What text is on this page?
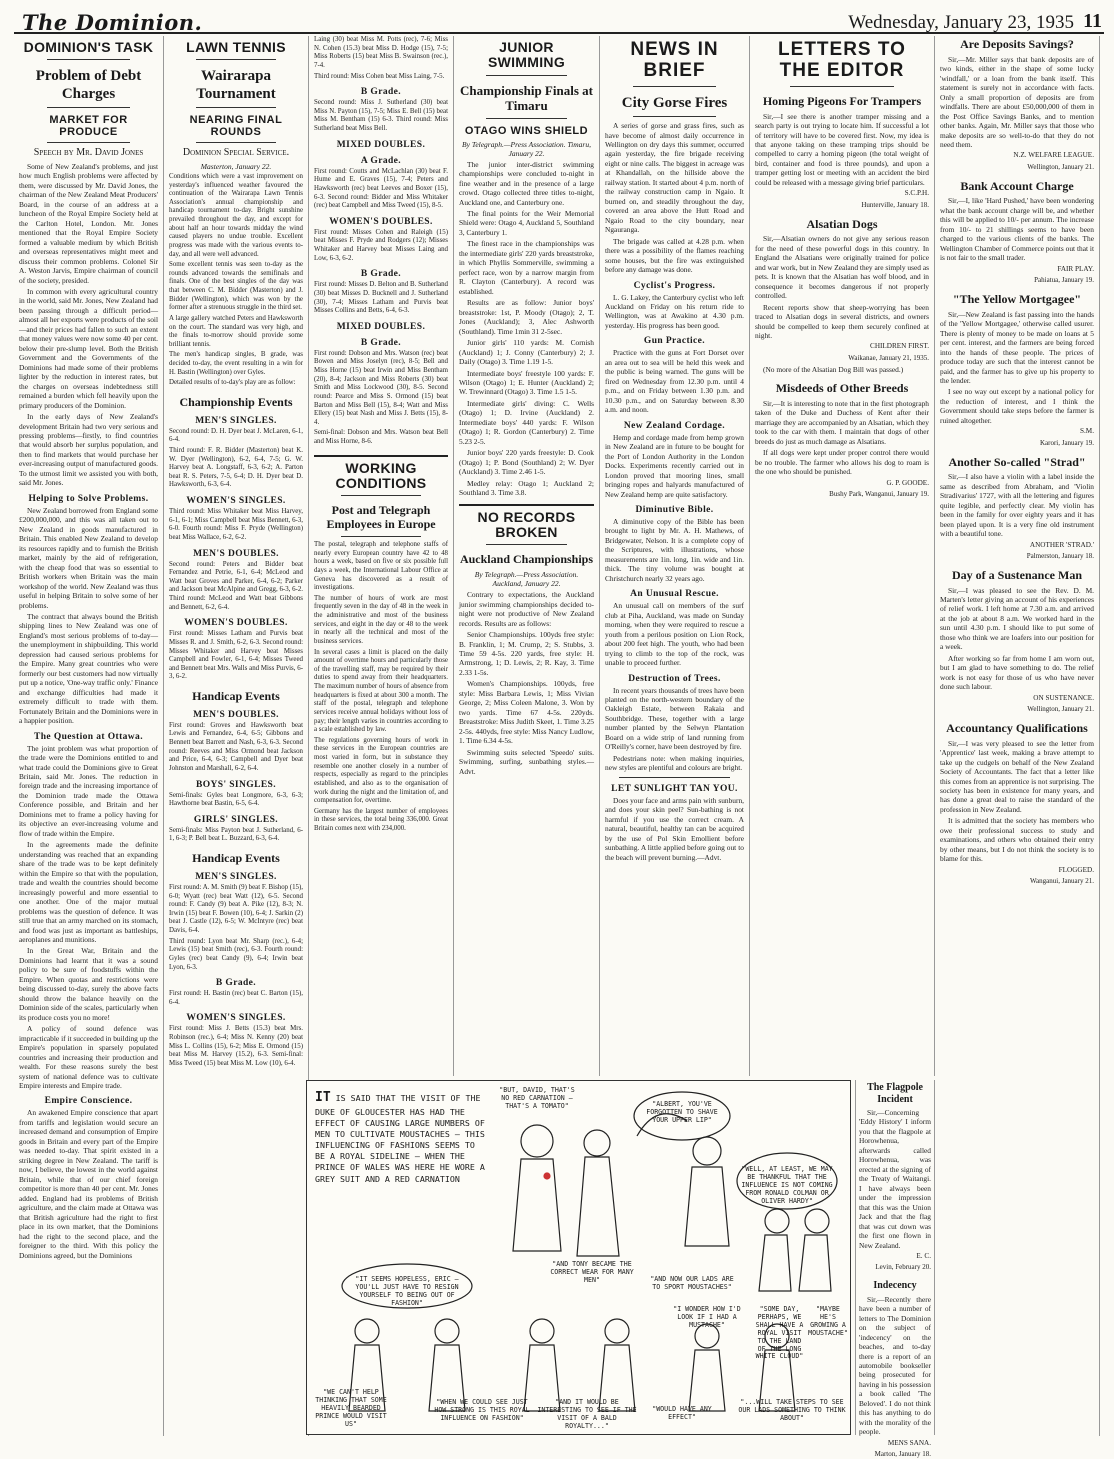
The Dominion.	Wednesday, January 23, 1935 11
DOMINION'S TASK
Problem of Debt Charges
MARKET FOR PRODUCE
Speech by Mr. David Jones

Some of New Zealand's problems, and just how much English problems were affected by them, were discussed by Mr. David Jones, the chairman of the New Zealand Meat Producers' Board, in the course of an address at a luncheon of the Royal Empire Society held at the Carlton Hotel, London. Mr. Jones mentioned that the Royal Empire Society formed a valuable medium by which British and overseas representatives might meet and discuss their common problems. Colonel Sir A. Weston Jarvis, Empire chairman of council of the society, presided.

In common with every agricultural country in the world, said Mr. Jones, New Zealand had been passing through a difficult period—almost all her exports were products of the soil—and their prices had fallen to such an extent that money values were now some 40 per cent. below their pre-slump level. Both the British Government and the Governments of the Dominions had made some of their problems lighter by the reduction in interest rates, but the charges on overseas indebtedness still remained a burden which fell heavily upon the primary producers of the Dominion.

In the early days of New Zealand's development Britain had two very serious and pressing problems—firstly, to find countries that would absorb her surplus population, and then to find markets that would purchase her ever-increasing output of manufactured goods. To the utmost limit we assisted you with both, said Mr. Jones.

Helping to Solve Problems.

New Zealand borrowed from England some £200,000,000, and this was all taken out to New Zealand in goods manufactured in Britain. This enabled New Zealand to develop its resources rapidly and to furnish the British market, mainly by the aid of refrigeration, with the cheap food that was so essential to British workers when Britain was the main workshop of the world. New Zealand was thus useful in helping Britain to solve some of her problems.

The contract that always bound the British shipping lines to New Zealand was one of England's most serious problems of to-day—the unemployment in shipbuilding. This world depression had caused serious problems for the Empire. Many great countries who were formerly our best customers had now virtually put up a notice, 'One-way traffic only.' Finance and exchange difficulties had made it extremely difficult to trade with them. Fortunately Britain and the Dominions were in a happier position.

The Question at Ottawa.

The joint problem was what proportion of the trade were the Dominions entitled to and what trade could the Dominions give to Great Britain, said Mr. Jones. The reduction in foreign trade and the increasing importance of the Dominion trade made the Ottawa Conference possible, and Britain and her Dominions met to frame a policy having for its objective an ever-increasing volume and flow of trade within the Empire.

In the agreements made the definite understanding was reached that an expanding share of the trade was to be kept definitely within the Empire so that with the population, trade and wealth the countries should become increasingly powerful and more essential to one another. One of the major mutual problems was the question of defence. It was still true that an army marched on its stomach, and food was just as important as battleships, aeroplanes and munitions.

In the Great War, Britain and the Dominions had learnt that it was a sound policy to be sure of foodstuffs within the Empire. When quotas and restrictions were being discussed to-day, surely the above facts should throw the balance heavily on the Dominion side of the scales, particularly when its produce costs you no more!

A policy of sound defence was impracticable if it succeeded in building up the Empire's population in sparsely populated countries and increasing their production and wealth. For these reasons surely the best system of national defence was to cultivate Empire interests and Empire trade.

Empire Conscience.

An awakened Empire conscience that apart from tariffs and legislation would secure an increased demand and consumption of Empire goods in Britain and every part of the Empire was needed to-day. That spirit existed in a striking degree in New Zealand. The tariff is now, I believe, the lowest in the world against Britain, while that of our chief foreign competitor is more than 40 per cent. Mr. Jones added. England had its problems of British agriculture, and the claim made at Ottawa was that British agriculture had the right to first place in its own market, that the Dominions had the right to the second place, and the foreigner to the third. With this policy the Dominions agreed, but the Dominions

LAWN TENNIS
Wairarapa Tournament
NEARING FINAL ROUNDS
Dominion Special Service.
Masterton, January 22.

Conditions which were a vast improvement on yesterday's influenced weather favoured the continuation of the Wairarapa Lawn Tennis Association's annual championship and handicap tournament to-day. Bright sunshine prevailed throughout the day, and except for about half an hour towards midday the wind caused players no undue trouble. Excellent progress was made with the various events to-day, and all were well advanced.

Some excellent tennis was seen to-day as the rounds advanced towards the semifinals and finals. One of the best singles of the day was that between C. M. Bidder (Masterton) and J. Bidder (Wellington), which was won by the former after a strenuous struggle in the third set.

A large gallery watched Peters and Hawksworth on the court. The standard was very high, and the finals to-morrow should provide some brilliant tennis.

The men's handicap singles, B grade, was decided to-day, the event resulting in a win for H. Bastin (Wellington) over Gyles.

Detailed results of to-day's play are as follow:

Championship Events
MEN'S SINGLES.

Second round: D. H. Dyer beat J. McLaren, 6-1, 6-4.

Third round: F. R. Bidder (Masterton) beat K. W. Dyer (Wellington), 6-2, 6-4, 7-5; G. W. Harvey beat A. Longstaff, 6-3, 6-2; A. Parton beat R. S. Peters, 7-5, 6-4; D. H. Dyer beat D. Hawksworth, 6-3, 6-4.

WOMEN'S SINGLES.

Third round: Miss Whitaker beat Miss Harvey, 6-1, 6-1; Miss Campbell beat Miss Bennett, 6-3, 6-0. Fourth round: Miss F. Pryde (Wellington) beat Miss Wallace, 6-2, 6-2.

MEN'S DOUBLES.

Second round: Peters and Bidder beat Fernandez and Petrie, 6-1, 6-4; McLeod and Watt beat Groves and Parker, 6-4, 6-2; Parker and Jackson beat McAlpine and Gregg, 6-3, 6-2. Third round: McLeod and Watt beat Gibbons and Bennett, 6-2, 6-4.

WOMEN'S DOUBLES.

First round: Misses Latham and Purvis beat Misses R. and J. Smith, 6-2, 6-3. Second round: Misses Whitaker and Harvey beat Misses Campbell and Fowler, 6-1, 6-4; Misses Tweed and Bennett beat Mrs. Walls and Miss Purvis, 6-3, 6-2.

Handicap Events
MEN'S DOUBLES.

First round: Groves and Hawksworth beat Lewis and Fernandez, 6-4, 6-5; Gibbons and Bennett beat Barrett and Nash, 6-3, 6-3. Second round: Reeves and Miss Ormond beat Jackson and Price, 6-4, 6-3; Campbell and Dyer beat Johnston and Marshall, 6-2, 6-4.

BOYS' SINGLES.

Semi-finals: Gyles beat Longmore, 6-3, 6-3; Hawthorne beat Bastin, 6-5, 6-4.

GIRLS' SINGLES.

Semi-finals: Miss Payton beat J. Sutherland, 6-1, 6-3; P. Bell beat L. Buzzard, 6-3, 6-4.

Handicap Events
MEN'S SINGLES.

First round: A. M. Smith (9) beat F. Bishop (15), 6-0; Wyatt (rec) beat Watt (12), 6-5. Second round: F. Candy (9) beat A. Pike (12), 8-3; N. Irwin (15) beat F. Bowen (10), 6-4; J. Sarkin (2) beat J. Castle (12), 6-5; W. McIntyre (rec) beat Davis, 6-4.

Third round: Lyon beat Mr. Sharp (rec.), 6-4; Lewis (15) beat Smith (rec), 6-3. Fourth round: Gyles (rec) beat Candy (9), 6-4; Irwin beat Lyon, 6-3.

B Grade.

First round: H. Bastin (rec) beat C. Barton (15), 6-4.

WOMEN'S SINGLES.

First round: Miss J. Betts (15.3) beat Mrs. Robinson (rec.), 6-4; Miss N. Kenny (20) beat Miss L. Collins (15), 6-2; Miss E. Ormond (15) beat Miss M. Harvey (15.2), 6-3. Semi-final: Miss Tweed (15) beat Miss M. Low (10), 6-4.

Laing (30) beat Miss M. Potts (rec), 7-6; Miss N. Cohen (15.3) beat Miss D. Hodge (15), 7-5; Miss Roberts (15) beat Miss B. Swainson (rec.), 7-4.

Third round: Miss Cohen beat Miss Laing, 7-5.

B Grade.

Second round: Miss J. Sutherland (30) beat Miss N. Payton (15), 7-5; Miss E. Bell (15) beat Miss M. Bentham (15) 6-3. Third round: Miss Sutherland beat Miss Bell.

MIXED DOUBLES.
A Grade.

First round: Coutts and McLachlan (30) beat F. Hume and E. Graves (15), 7-4; Peters and Hawksworth (rec) beat Leeves and Boxer (15), 6-3. Second round: Bidder and Miss Whitaker (rec) beat Campbell and Miss Tweed (15), 8-5.

WOMEN'S DOUBLES.

First round: Misses Cohen and Raleigh (15) beat Misses F. Pryde and Rodgers (12); Misses Whitaker and Harvey beat Misses Laing and Low, 6-3, 6-2.

B Grade.

First round: Misses D. Belton and B. Sutherland (30) beat Misses D. Bucknell and J. Sutherland (30), 7-4; Misses Latham and Purvis beat Misses Collins and Betts, 6-4, 6-3.

MIXED DOUBLES.
B Grade.

First round: Dobson and Mrs. Watson (rec) beat Bowen and Miss Joselyn (rec), 8-5; Bell and Miss Horne (15) beat Irwin and Miss Bentham (20), 8-4; Jackson and Miss Roberts (30) beat Smith and Miss Lockwood (30), 8-5. Second round: Pearce and Miss S. Ormond (15) beat Barton and Miss Bell (15), 8-4; Watt and Miss Ellery (15) beat Nash and Miss J. Betts (15), 8-4.

Semi-final: Dobson and Mrs. Watson beat Bell and Miss Horne, 8-6.

WORKING CONDITIONS
Post and Telegraph Employees in Europe

The postal, telegraph and telephone staffs of nearly every European country have 42 to 48 hours a week, based on five or six possible full days a week, the International Labour Office at Geneva has discovered as a result of investigations.

The number of hours of work are most frequently seven in the day of 48 in the week in the administrative and most of the business services, and eight in the day or 48 to the week in nearly all the technical and most of the business services.

In several cases a limit is placed on the daily amount of overtime hours and particularly those of the travelling staff, may be required by their duties to spend away from their headquarters. The maximum number of hours of absence from headquarters is fixed at about 300 a month. The staff of the postal, telegraph and telephone services receive annual holidays without loss of pay; their length varies in countries according to a scale established by law.

The regulations governing hours of work in these services in the European countries are most varied in form, but in substance they resemble one another closely in a number of respects, especially as regard to the principles established, and also as to the organisation of work during the night and the limitation of, and compensation for, overtime.

Germany has the largest number of employees in these services, the total being 336,000. Great Britain comes next with 234,000.

JUNIOR SWIMMING
Championship Finals at Timaru
OTAGO WINS SHIELD
By Telegraph.—Press Association. Timaru, January 22.

The junior inter-district swimming championships were concluded to-night in fine weather and in the presence of a large crowd. Otago collected three titles to-night, Auckland one, and Canterbury one.

The final points for the Weir Memorial Shield were: Otago 4, Auckland 5, Southland 3, Canterbury 1.

The finest race in the championships was the intermediate girls' 220 yards breaststroke, in which Phyllis Sommerville, swimming a perfect race, won by a narrow margin from R. Clayton (Canterbury). A record was established.

Results are as follow: Junior boys' breaststroke: 1st, P. Moody (Otago); 2, T. Jones (Auckland); 3, Alec Ashworth (Southland). Time 1min 31 2-5sec.

Junior girls' 110 yards: M. Cornish (Auckland) 1; J. Conny (Canterbury) 2; J. Daily (Otago) 3. Time 1.19 1-5.

Intermediate boys' freestyle 100 yards: F. Wilson (Otago) 1; E. Hunter (Auckland) 2; W. Trewinnard (Otago) 3. Time 1.5 1-5.

Intermediate girls' diving: C. Wells (Otago) 1; D. Irvine (Auckland) 2. Intermediate boys' 440 yards: F. Wilson (Otago) 1; R. Gordon (Canterbury) 2. Time 5.23 2-5.

Junior boys' 220 yards freestyle: D. Cook (Otago) 1; P. Bond (Southland) 2; W. Dyer (Auckland) 3. Time 2.46 1-5.

Medley relay: Otago 1; Auckland 2; Southland 3. Time 3.8.

NO RECORDS BROKEN
Auckland Championships
By Telegraph.—Press Association. Auckland, January 22.

Contrary to expectations, the Auckland junior swimming championships decided to-night were not productive of New Zealand records. Results are as follows:

Senior Championships. 100yds free style: B. Franklin, 1; M. Crump, 2; S. Stubbs, 3. Time 59 4-5s. 220 yards, free style: H. Armstrong, 1; D. Lewis, 2; R. Kay, 3. Time 2.33 1-5s.

Women's Championships. 100yds, free style: Miss Barbara Lewis, 1; Miss Vivian George, 2; Miss Coleen Malone, 3. Won by two yards. Time 67 4-5s. 220yds. Breaststroke: Miss Judith Skeet, 1. Time 3.25 2-5s. 440yds, free style: Miss Nancy Ludlow, 1. Time 6.34 4-5s.

Swimming suits selected 'Speedo' suits. Swimming, surfing, sunbathing styles.—Advt.

NEWS IN BRIEF
City Gorse Fires

A series of gorse and grass fires, such as have become of almost daily occurrence in Wellington on dry days this summer, occurred again yesterday, the fire brigade receiving eight or nine calls. The biggest in acreage was at Khandallah, on the hillside above the railway station. It started about 4 p.m. north of the railway construction camp in Ngaio. It burned on, and steadily throughout the day, covered an area above the Hutt Road and Ngaio Road to the city boundary, near Ngauranga.

The brigade was called at 4.28 p.m. when there was a possibility of the flames reaching some houses, but the fire was extinguished before any damage was done.

Cyclist's Progress.

L. G. Lakey, the Canterbury cyclist who left Auckland on Friday on his return ride to Wellington, was at Awakino at 4.30 p.m. yesterday. His progress has been good.

Gun Practice.

Practice with the guns at Fort Dorset over an area out to sea will be held this week and the public is being warned. The guns will be fired on Wednesday from 12.30 p.m. until 4 p.m., and on Friday between 1.30 p.m. and 10.30 p.m., and on Saturday between 8.30 a.m. and noon.

New Zealand Cordage.

Hemp and cordage made from hemp grown in New Zealand are in future to be bought for the Port of London Authority in the London Docks. Experiments recently carried out in London proved that mooring lines, small bringing ropes and halyards manufactured of New Zealand hemp are quite satisfactory.

Diminutive Bible.

A diminutive copy of the Bible has been brought to light by Mr. A. H. Mathews, of Bridgewater, Nelson. It is a complete copy of the Scriptures, with illustrations, whose measurements are 1in. long, 1in. wide and 1in. thick. The tiny volume was bought at Christchurch nearly 32 years ago.

An Unusual Rescue.

An unusual call on members of the surf club at Piha, Auckland, was made on Sunday morning, when they were required to rescue a youth from a perilous position on Lion Rock, about 200 feet high. The youth, who had been trying to climb to the top of the rock, was unable to proceed further.

Destruction of Trees.

In recent years thousands of trees have been planted on the north-western boundary of the Oakleigh Estate, between Rakaia and Southbridge. These, together with a large number planted by the Selwyn Plantation Board on a wide strip of land running from O'Reilly's corner, have been destroyed by fire.

Pedestrians note: when making inquiries, new styles are plentiful and colours are bright.

LET SUNLIGHT TAN YOU.

Does your face and arms pain with sunburn, and does your skin peel? Sun-bathing is not harmful if you use the correct cream. A natural, beautiful, healthy tan can be acquired by the use of Pol Skin Emollient before sunbathing. A little applied before going out to the beach will prevent burning.—Advt.

LETTERS TO THE EDITOR
Homing Pigeons For Trampers

Sir,—I see there is another tramper missing and a search party is out trying to locate him. If successful a lot of territory will have to be covered first. Now, my idea is that anyone taking on these tramping trips should be compelled to carry a homing pigeon (the total weight of bird, container and food is three pounds), and upon a tramper getting lost or meeting with an accident the bird could be released with a message giving brief particulars.

S.C.P.H.

Hunterville, January 18.

Alsatian Dogs

Sir,—Alsatian owners do not give any serious reason for the need of these powerful dogs in this country. In England the Alsatians were originally trained for police and war work, but in New Zealand they are simply used as pets. It is known that the Alsatian has wolf blood, and in consequence it becomes dangerous if not properly controlled.

Recent reports show that sheep-worrying has been traced to Alsatian dogs in several districts, and owners should be compelled to keep them securely confined at night.

CHILDREN FIRST.

Waikanae, January 21, 1935.

(No more of the Alsatian Dog Bill was passed.)

Misdeeds of Other Breeds

Sir,—It is interesting to note that in the first photograph taken of the Duke and Duchess of Kent after their marriage they are accompanied by an Alsatian, which they took to the car with them. I maintain that dogs of other breeds do just as much damage as Alsatians.

If all dogs were kept under proper control there would be no trouble. The farmer who allows his dog to roam is the one who should be punished.

G. P. GOODE.

Bushy Park, Wanganui, January 19.

The Flagpole Incident

Sir,—Concerning 'Eddy History' I inform you that the flagpole at Horowhenua, afterwards called Horowhenua, was erected at the signing of the Treaty of Waitangi. I have always been under the impression that this was the Union Jack and that the flag that was cut down was the first one flown in New Zealand.

E. C.

Levin, February 20.

Indecency

Sir,—Recently there have been a number of letters to The Dominion on the subject of 'indecency' on the beaches, and to-day there is a report of an automobile bookseller being prosecuted for having in his possession a book called 'The Beloved'. I do not think this has anything to do with the morality of the people.

MENS SANA.

Marton, January 18.

Are Deposits Savings?

Sir,—Mr. Miller says that bank deposits are of two kinds, either in the shape of some lucky 'windfall,' or a loan from the bank itself. This statement is surely not in accordance with facts. Only a small proportion of deposits are from windfalls. There are about £50,000,000 of them in the Post Office Savings Banks, and to mention other banks. Again, Mr. Miller says that those who make deposits are so well-to-do that they do not need them.

N.Z. WELFARE LEAGUE.

Wellington, January 21.

Bank Account Charge

Sir,—I, like 'Hard Pushed,' have been wondering what the bank account charge will be, and whether this will be applied to 10/- per annum. The increase from 10/- to 21 shillings seems to have been charged to the various clients of the banks. The Wellington Chamber of Commerce points out that it is not fair to the small trader.

FAIR PLAY.

Pahiatua, January 19.

"The Yellow Mortgagee"

Sir,—New Zealand is fast passing into the hands of the 'Yellow Mortgagee,' otherwise called usurer. There is plenty of money to be made on loans at 5 per cent. interest, and the farmers are being forced into the hands of these people. The prices of produce today are such that the interest cannot be paid, and the farmer has to give up his property to the lender.

I see no way out except by a national policy for the reduction of interest, and I think the Government should take steps before the farmer is ruined altogether.

S.M.

Karori, January 19.

Another So-called "Strad"

Sir,—I also have a violin with a label inside the same as described from Abraham, and 'Violin Stradivarius' 1727, with all the lettering and figures quite legible, and perfectly clear. My violin has been in the family for over eighty years and it has been played upon. It is a very fine old instrument with a beautiful tone.

ANOTHER 'STRAD.'

Palmerston, January 18.

Day of a Sustenance Man

Sir,—I was pleased to see the Rev. D. M. Marten's letter giving an account of his experiences of relief work. I left home at 7.30 a.m. and arrived at the job at about 8 a.m. We worked hard in the sun until 4.30 p.m. I should like to put some of those who think we are loafers into our position for a week.

After working so far from home I am worn out, but I am glad to have something to do. The relief work is not easy for those of us who have never done such labour.

ON SUSTENANCE.

Wellington, January 21.

Accountancy Qualifications

Sir,—I was very pleased to see the letter from 'Apprentice' last week, making a brave attempt to take up the cudgels on behalf of the New Zealand Society of Accountants. The fact that a letter like this comes from an apprentice is not surprising. The society has been in existence for many years, and has done a great deal to raise the standard of the profession in New Zealand.

It is admitted that the society has members who owe their professional success to study and examinations, and others who obtained their entry by other means, but I do not think the society is to blame for this.

FLOGGED.

Wanganui, January 21.

IT IS SAID THAT THE VISIT OF THE DUKE OF GLOUCESTER HAS HAD THE EFFECT OF CAUSING LARGE NUMBERS OF MEN TO CULTIVATE MOUSTACHES — THIS INFLUENCING OF FASHIONS SEEMS TO BE A ROYAL SIDELINE — WHEN THE PRINCE OF WALES WAS HERE HE WORE A GREY SUIT AND A RED CARNATION
"BUT, DAVID, THAT'S NO RED CARNATION — THAT'S A TOMATO"	"ALBERT, YOU'VE FORGOTTEN TO SHAVE YOUR UPPER LIP"
"AND TONY BECAME THE CORRECT WEAR FOR MANY MEN"
"WELL, AT LEAST, WE MAY BE THANKFUL THAT THE INFLUENCE IS NOT COMING FROM RONALD COLMAN OR OLIVER HARDY"
"AND NOW OUR LADS ARE TO SPORT MOUSTACHES"
"IT SEEMS HOPELESS, ERIC — YOU'LL JUST HAVE TO RESIGN YOURSELF TO BEING OUT OF FASHION"
"I WONDER HOW I'D LOOK IF I HAD A MUSTACHE"
"SOME DAY, PERHAPS, WE SHALL HAVE A ROYAL VISIT TO THE LAND OF THE LONG WHITE CLOUD"
"MAYBE HE'S GROWING A MOUSTACHE"
"WE CAN'T HELP THINKING THAT SOME HEAVILY BEARDED PRINCE WOULD VISIT US"
"WHEN WE COULD SEE JUST HOW STRONG IS THIS ROYAL INFLUENCE ON FASHION"
"AND IT WOULD BE INTERESTING TO SEE IF THE VISIT OF A BALD ROYALTY..."
"WOULD HAVE ANY EFFECT"
"...WILL TAKE STEPS TO SEE OUR LADS SOMETHING TO THINK ABOUT"
